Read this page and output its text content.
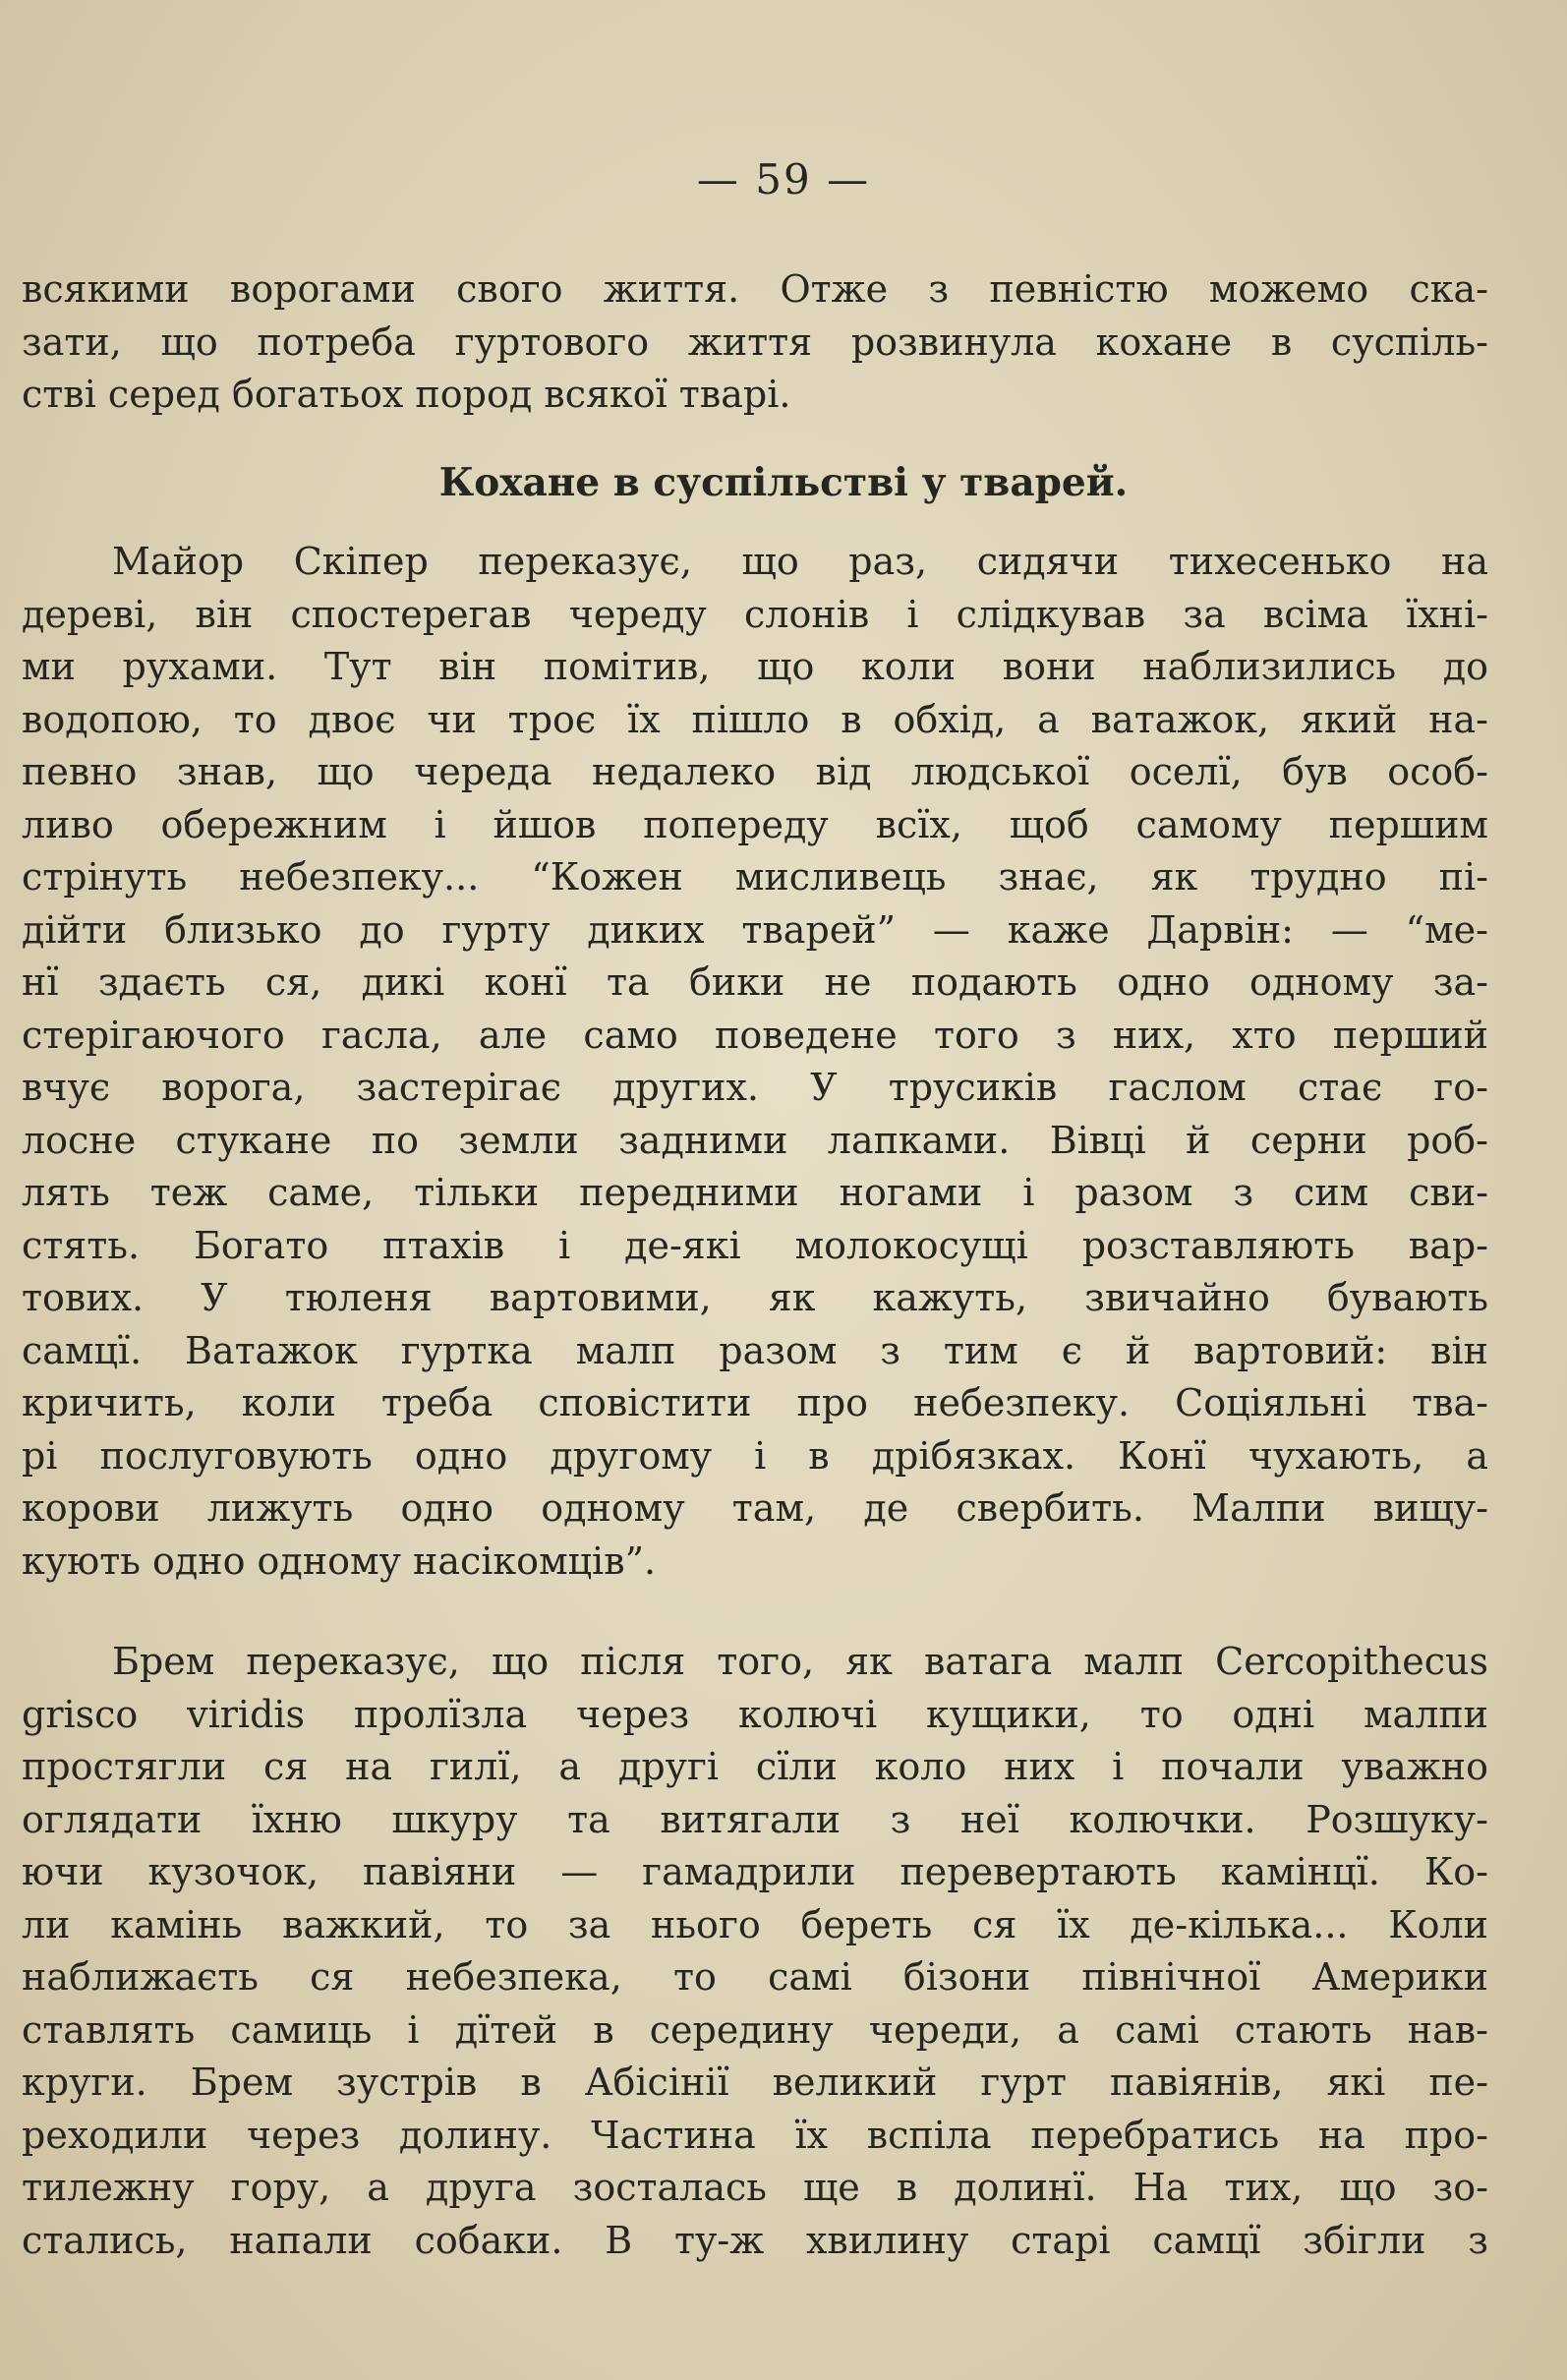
— 59 —
всякими ворогами свого життя. Отже з певністю можемо ска-
зати, що потреба гуртового життя розвинула кохане в суспіль-
стві серед богатьох пород всякої тварі.
Кохане в суспільстві у тварей.
Майор Скіпер переказує, що раз, сидячи тихесенько на
дереві, він спостерегав череду слонів і слідкував за всіма їхні-
ми рухами. Тут він помітив, що коли вони наблизились до
водопою, то двоє чи троє їх пішло в обхід, а ватажок, який на-
певно знав, що череда недалеко від людської оселї, був особ-
ливо обережним і йшов попереду всїх, щоб самому першим
стрінуть небезпеку... “Кожен мисливець знає, як трудно пі-
дійти близько до гурту диких тварей” — каже Дарвін: — “ме-
нї здаєть ся, дикі конї та бики не подають одно одному за-
стерігаючого гасла, але само поведене того з них, хто перший
вчує ворога, застерігає других. У трусиків гаслом стає го-
лосне стукане по земли задними лапками. Вівці й серни роб-
лять теж саме, тільки передними ногами і разом з сим сви-
стять. Богато птахів і де-які молокосущі розставляють вар-
тових. У тюленя вартовими, як кажуть, звичайно бувають
самцї. Ватажок гуртка малп разом з тим є й вартовий: він
кричить, коли треба сповістити про небезпеку. Соціяльні тва-
рі послуговують одно другому і в дрібязках. Конї чухають, а
корови лижуть одно одному там, де свербить. Малпи вищу-
кують одно одному насікомців”.
Брем переказує, що після того, як ватага малп Cercopithecus
grisco viridis пролїзла через колючі кущики, то одні малпи
простягли ся на гилї, а другі сїли коло них і почали уважно
оглядати їхню шкуру та витягали з неї колючки. Розшуку-
ючи кузочок, павіяни — гамадрили перевертають камінцї. Ко-
ли камінь важкий, то за нього береть ся їх де-кілька... Коли
наближаєть ся небезпека, то самі бізони північної Америки
ставлять самиць і дїтей в середину череди, а самі стають нав-
круги. Брем зустрів в Абісінії великий гурт павіянів, які пе-
реходили через долину. Частина їх вспіла перебратись на про-
тилежну гору, а друга зосталась ще в долинї. На тих, що зо-
стались, напали собаки. В ту-ж хвилину старі самцї збігли з
